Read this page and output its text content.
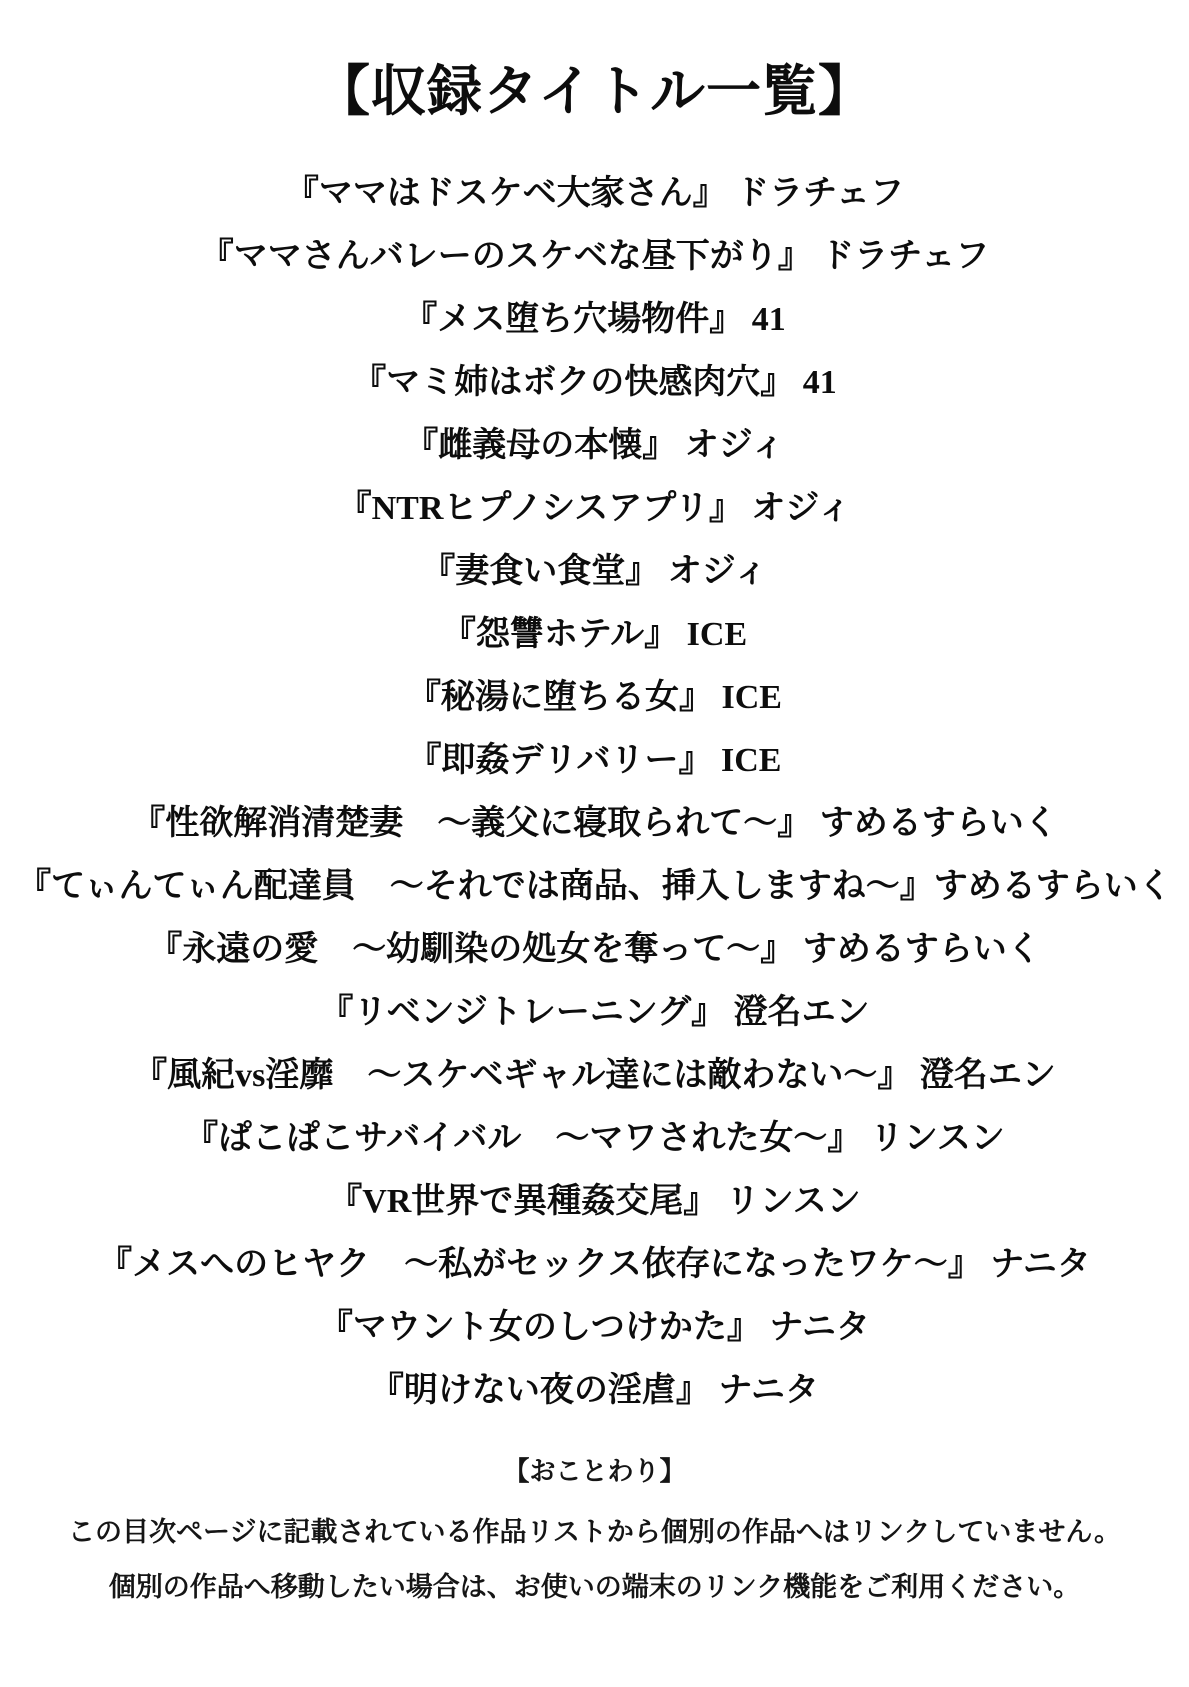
【収録タイトル一覧】
『ママはドスケベ大家さん』 ドラチェフ
『ママさんバレーのスケベな昼下がり』 ドラチェフ
『メス堕ち穴場物件』 41
『マミ姉はボクの快感肉穴』 41
『雌義母の本懐』 オジィ
『NTRヒプノシスアプリ』 オジィ
『妻食い食堂』 オジィ
『怨讐ホテル』 ICE
『秘湯に堕ちる女』 ICE
『即姦デリバリー』 ICE
『性欲解消清楚妻　〜義父に寝取られて〜』 すめるすらいく
『てぃんてぃん配達員　〜それでは商品、挿入しますね〜』すめるすらいく
『永遠の愛　〜幼馴染の処女を奪って〜』 すめるすらいく
『リベンジトレーニング』 澄名エン
『風紀vs淫靡　〜スケベギャル達には敵わない〜』 澄名エン
『ぱこぱこサバイバル　〜マワされた女〜』 リンスン
『VR世界で異種姦交尾』 リンスン
『メスへのヒヤク　〜私がセックス依存になったワケ〜』 ナニタ
『マウント女のしつけかた』 ナニタ
『明けない夜の淫虐』 ナニタ
【おことわり】
この目次ページに記載されている作品リストから個別の作品へはリンクしていません。
個別の作品へ移動したい場合は、お使いの端末のリンク機能をご利用ください。
